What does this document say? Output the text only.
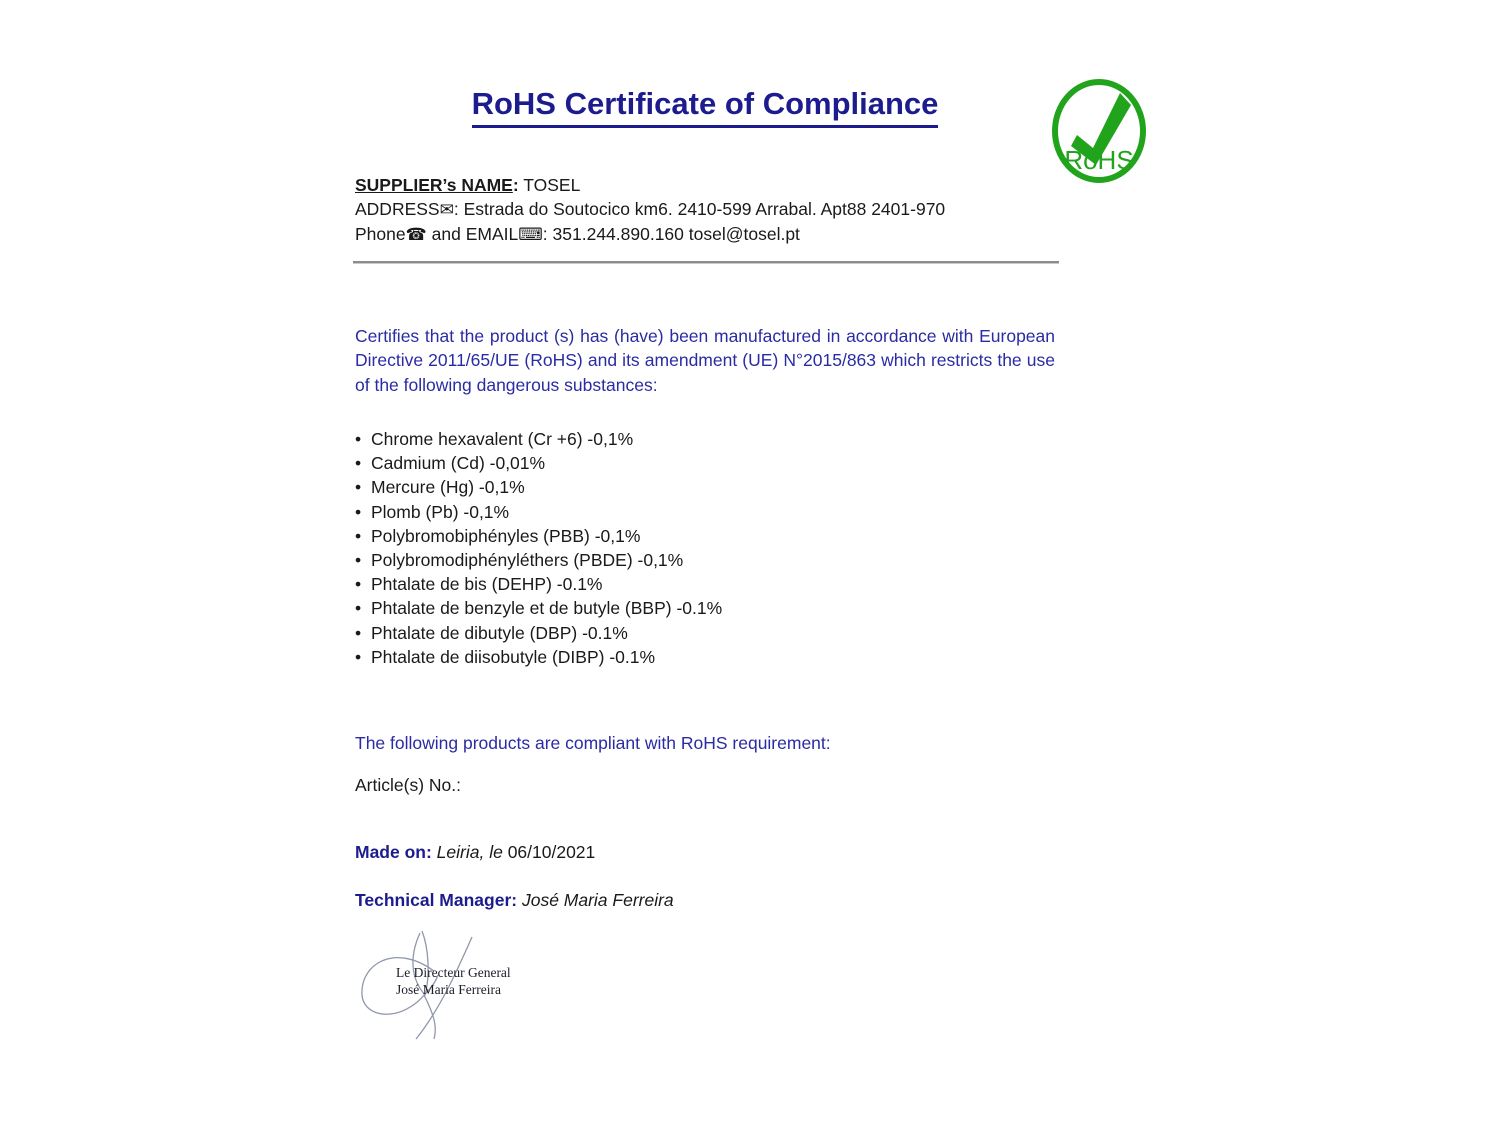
RoHS Certificate of Compliance
RoHS
SUPPLIER’s NAME: TOSEL
ADDRESS✉: Estrada do Soutocico km6. 2410-599 Arrabal. Apt88 2401-970
Phone☎ and EMAIL⌨: 351.244.890.160 tosel@tosel.pt

Certifies that the product (s) has (have) been manufactured in accordance with European Directive 2011/65/UE (RoHS) and its amendment (UE) N°2015/863 which restricts the use of the following dangerous substances:

• Chrome hexavalent (Cr +6) -0,1%
• Cadmium (Cd) -0,01%
• Mercure (Hg) -0,1%
• Plomb (Pb) -0,1%
• Polybromobiphényles (PBB) -0,1%
• Polybromodiphényléthers (PBDE) -0,1%
• Phtalate de bis (DEHP) -0.1%
• Phtalate de benzyle et de butyle (BBP) -0.1%
• Phtalate de dibutyle (DBP) -0.1%
• Phtalate de diisobutyle (DIBP) -0.1%
The following products are compliant with RoHS requirement:
Article(s) No.:
Made on: Leiria, le 06/10/2021
Technical Manager: José Maria Ferreira
Le Directeur General
José Maria Ferreira
